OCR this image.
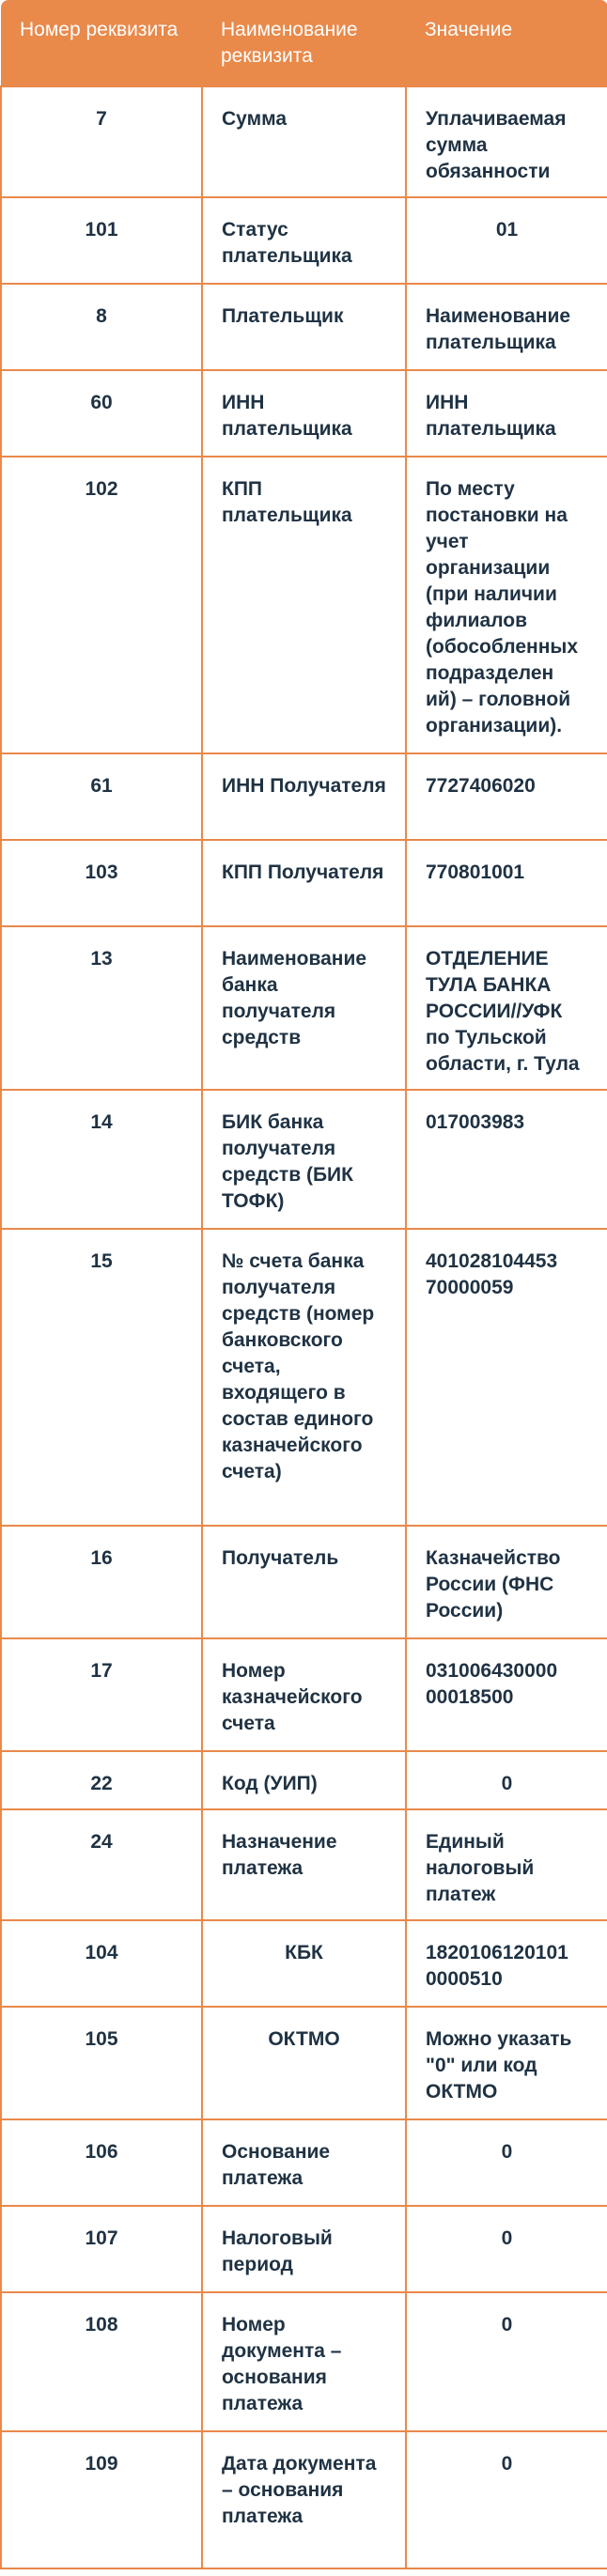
Номер реквизита	Наименование реквизита	Значение
7	Сумма	Уплачиваемая сумма обязанности
101	Статус плательщика	01
8	Плательщик	Наименование плательщика
60	ИНН плательщика	ИНН плательщика
102	КПП плательщика	По месту постановки на учет организации (при наличии филиалов (обособленных подразделен ий) – головной организации).
61	ИНН Получателя	7727406020
103	КПП Получателя	770801001
13	Наименование банка получателя средств	ОТДЕЛЕНИЕ ТУЛА БАНКА РОССИИ//УФК по Тульской области, г. Тула
14	БИК банка получателя средств (БИК ТОФК)	017003983
15	№ счета банка получателя средств (номер банковского счета, входящего в состав единого казначейского счета)	401028104453 70000059
16	Получатель	Казначейство России (ФНС России)
17	Номер казначейского счета	031006430000 00018500
22	Код (УИП)	0
24	Назначение платежа	Единый налоговый платеж
104	КБК	1820106120101 0000510
105	ОКТМО	Можно указать "0" или код ОКТМО
106	Основание платежа	0
107	Налоговый период	0
108	Номер документа – основания платежа	0
109	Дата документа – основания платежа	0
